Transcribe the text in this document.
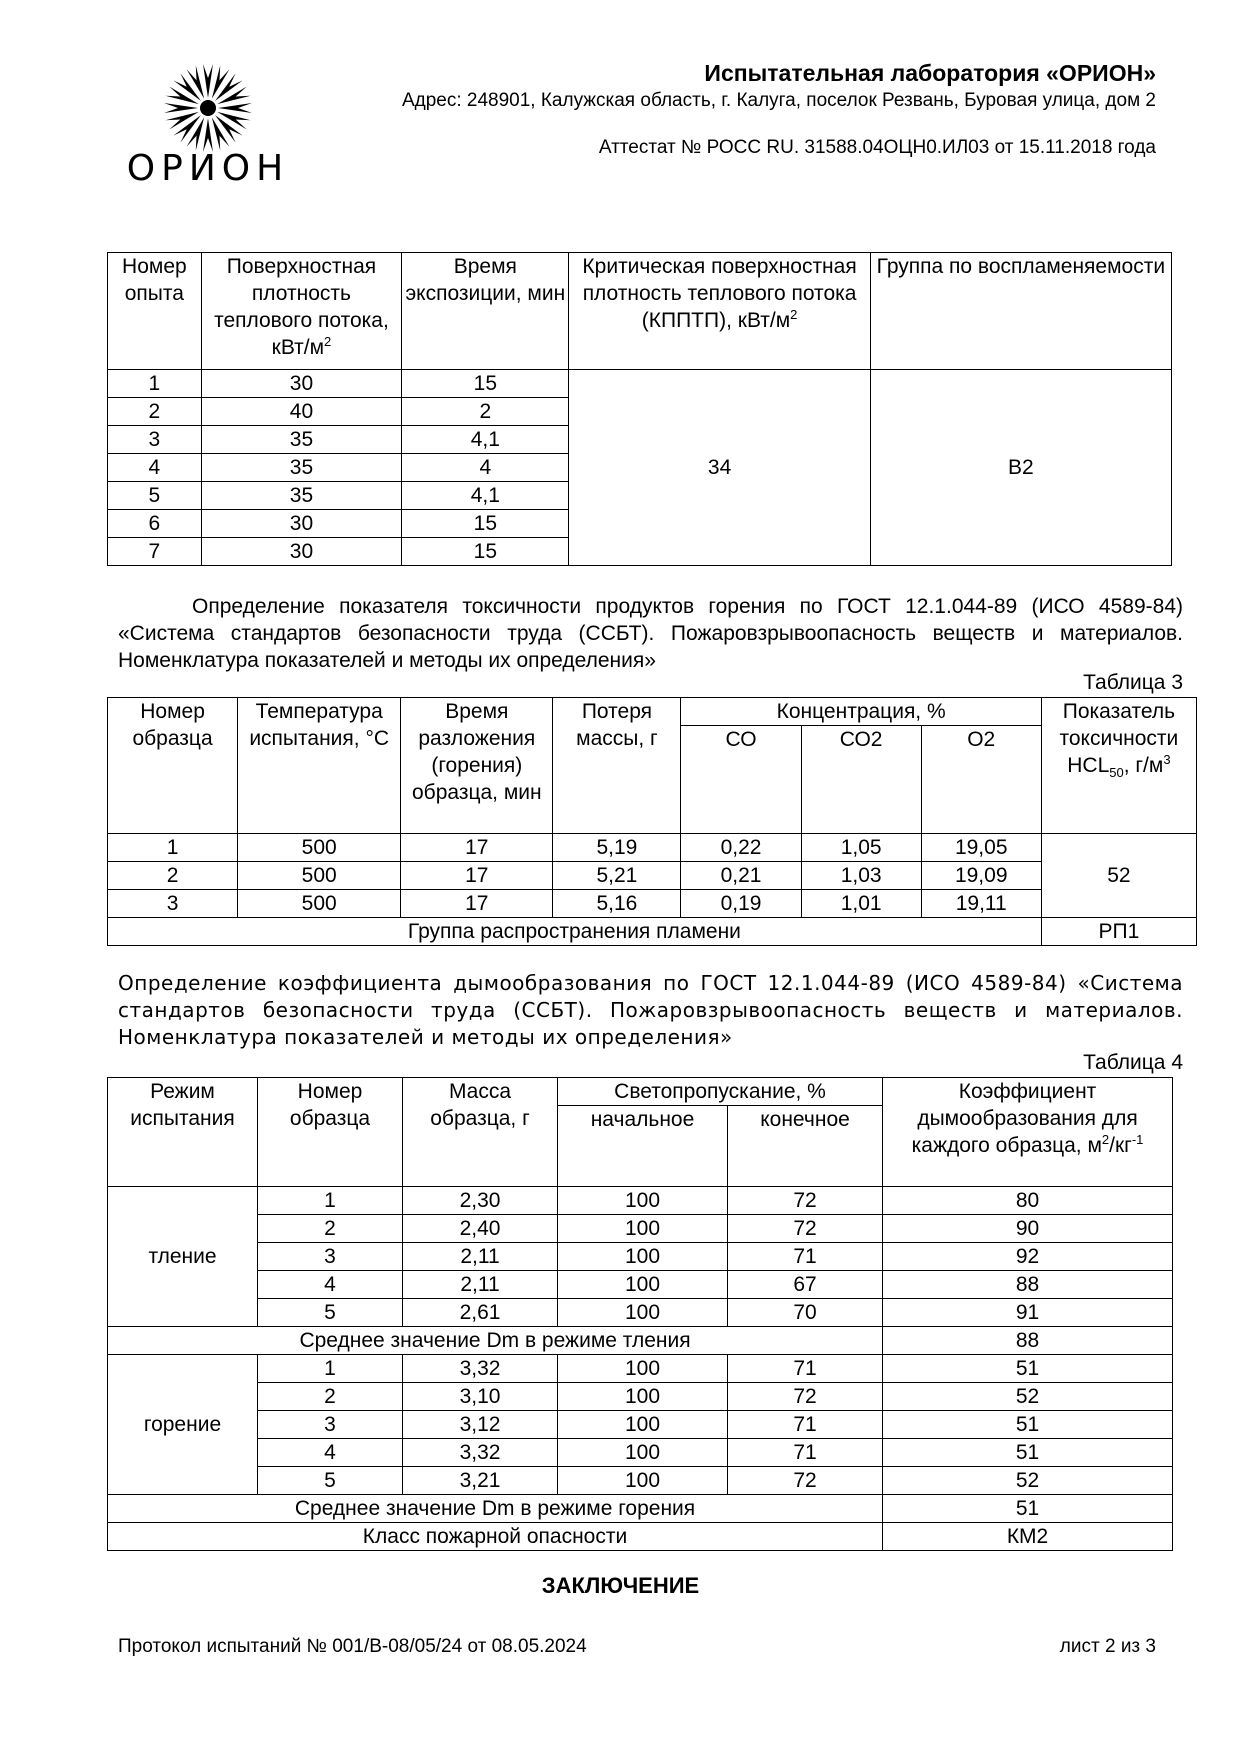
ОРИОН
Испытательная лаборатория «ОРИОН»
Адрес: 248901, Калужская область, г. Калуга, поселок Резвань, Буровая улица, дом 2
Аттестат № РОСС RU. 31588.04ОЦН0.ИЛ03 от 15.11.2018 года
Номер опыта	Поверхностная плотность теплового потока, кВт/$м^2$	Время экспозиции, мин	Критическая поверхностная плотность теплового потока (КППТП), кВт/$м^2$	Группа по воспламеняемости
1	30	15	34	В2
2	40	2		
3	35	4,1		
4	35	4		
5	35	4,1		
6	30	15		
7	30	15		
Определение показателя токсичности продуктов горения по ГОСТ 12.1.044-89 (ИСО 4589-84) «Система стандартов безопасности труда (ССБТ). Пожаровзрывоопасность веществ и материалов. Номенклатура показателей и методы их определения»
Таблица 3
Номер образца	Температура испытания, °С	Время разложения (горения) образца, мин	Потеря массы, г	Концентрация, %			Показатель токсичности $HCL_{50}$, $г/м^3$
				СО	СО2	О2	
1	500	17	5,19	0,22	1,05	19,05	52
2	500	17	5,21	0,21	1,03	19,09	
3	500	17	5,16	0,19	1,01	19,11	
Группа распространения пламени							РП1
Определение коэффициента дымообразования по ГОСТ 12.1.044-89 (ИСО 4589-84) «Система стандартов безопасности труда (ССБТ). Пожаровзрывоопасность веществ и материалов. Номенклатура показателей и методы их определения»
Таблица 4
Режим испытания	Номер образца	Масса образца, г	Светопропускание, %		Коэффициент дымообразования для каждого образца, $м^2/кг^{-1}$
			начальное	конечное	
тление	1	2,30	100	72	80
	2	2,40	100	72	90
	3	2,11	100	71	92
	4	2,11	100	67	88
	5	2,61	100	70	91
Среднее значение Dm в режиме тления					88
горение	1	3,32	100	71	51
	2	3,10	100	72	52
	3	3,12	100	71	51
	4	3,32	100	71	51
	5	3,21	100	72	52
Среднее значение Dm в режиме горения					51
Класс пожарной опасности					КМ2
ЗАКЛЮЧЕНИЕ
Протокол испытаний № 001/В-08/05/24 от 08.05.2024	лист 2 из 3
